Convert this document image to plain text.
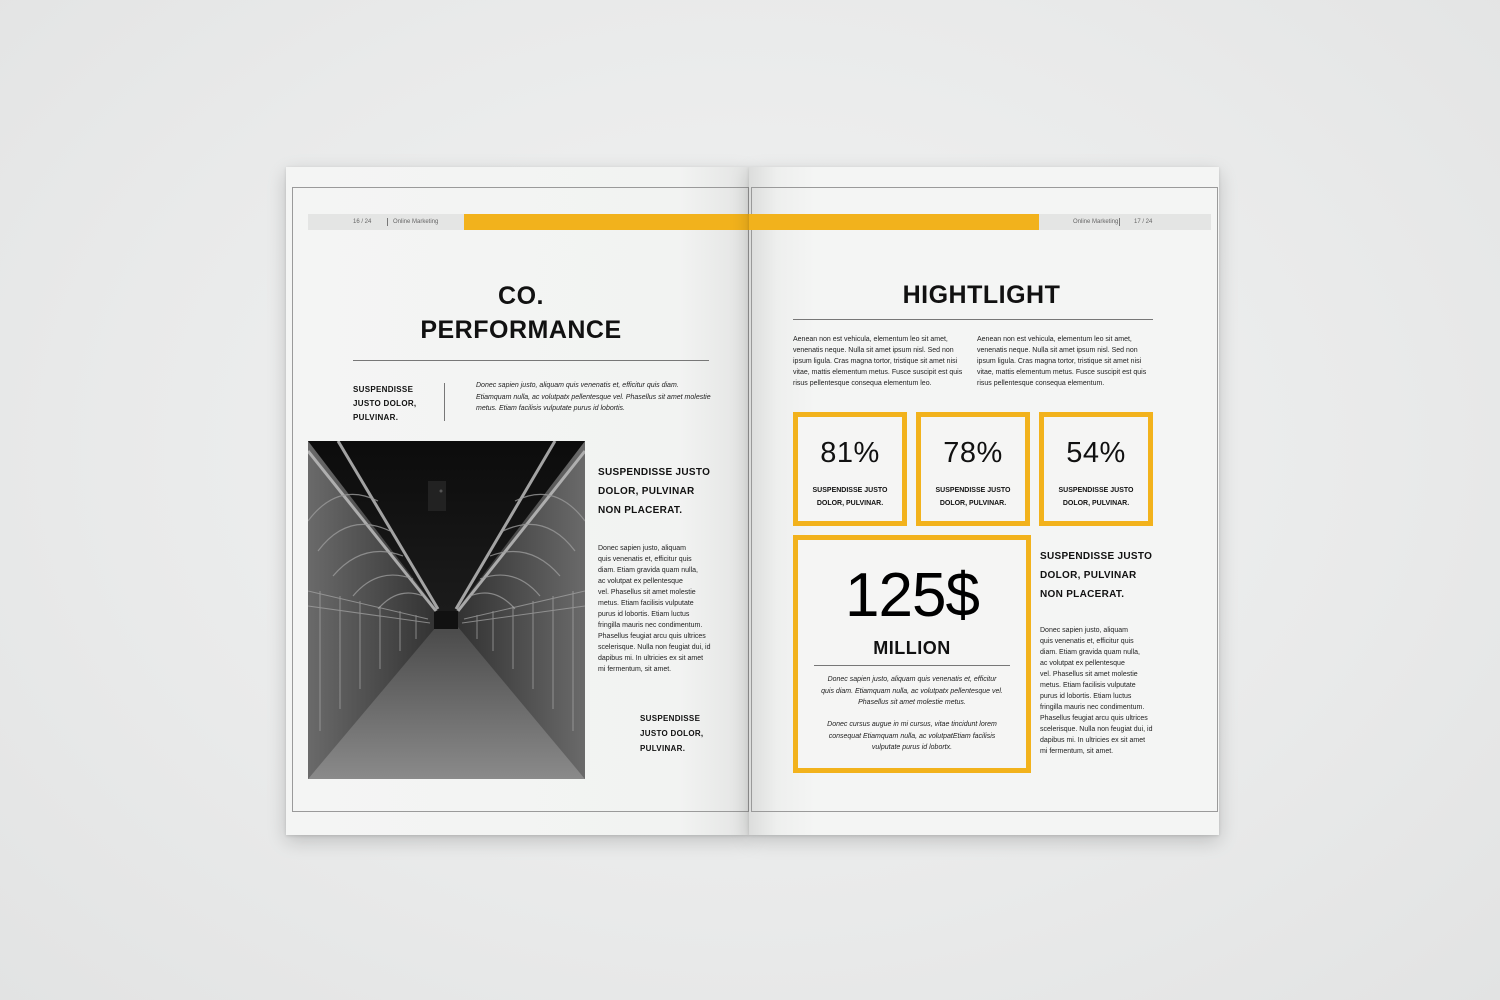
16 / 24	Online Marketing
CO.
PERFORMANCE
SUSPENDISSE
JUSTO DOLOR,
PULVINAR.
Donec sapien justo, aliquam quis venenatis et, efficitur quis diam.
Etiamquam nulla, ac volutpatx pellentesque vel. Phasellus sit amet molestie
metus. Etiam facilisis vulputate purus id lobortis.
SUSPENDISSE JUSTO
DOLOR, PULVINAR
NON PLACERAT.
Donec sapien justo, aliquam
quis venenatis et, efficitur quis
diam. Etiam gravida quam nulla,
ac volutpat ex pellentesque
vel. Phasellus sit amet molestie
metus. Etiam facilisis vulputate
purus id lobortis. Etiam luctus
fringilla mauris nec condimentum.
Phasellus feugiat arcu quis ultrices
scelerisque. Nulla non feugiat dui, id
dapibus mi. In ultricies ex sit amet
mi fermentum, sit amet.
SUSPENDISSE
JUSTO DOLOR,
PULVINAR.
Online Marketing	17 / 24
HIGHTLIGHT
Aenean non est vehicula, elementum leo sit amet,
venenatis neque. Nulla sit amet ipsum nisl. Sed non
ipsum ligula. Cras magna tortor, tristique sit amet nisi
vitae, mattis elementum metus. Fusce suscipit est quis
risus pellentesque consequa elementum leo.
Aenean non est vehicula, elementum leo sit amet,
venenatis neque. Nulla sit amet ipsum nisl. Sed non
ipsum ligula. Cras magna tortor, tristique sit amet nisi
vitae, mattis elementum metus. Fusce suscipit est quis
risus pellentesque consequa elementum.
81%
SUSPENDISSE JUSTO
DOLOR, PULVINAR.
78%
SUSPENDISSE JUSTO
DOLOR, PULVINAR.
54%
SUSPENDISSE JUSTO
DOLOR, PULVINAR.
125$
MILLION
Donec sapien justo, aliquam quis venenatis et, efficitur
quis diam. Etiamquam nulla, ac volutpatx pellentesque vel.
Phasellus sit amet molestie metus.
Donec cursus augue in mi cursus, vitae tincidunt lorem
consequat Etiamquam nulla, ac volutpatEtiam facilisis
vulputate purus id lobortx.
SUSPENDISSE JUSTO
DOLOR, PULVINAR
NON PLACERAT.
Donec sapien justo, aliquam
quis venenatis et, efficitur quis
diam. Etiam gravida quam nulla,
ac volutpat ex pellentesque
vel. Phasellus sit amet molestie
metus. Etiam facilisis vulputate
purus id lobortis. Etiam luctus
fringilla mauris nec condimentum.
Phasellus feugiat arcu quis ultrices
scelerisque. Nulla non feugiat dui, id
dapibus mi. In ultricies ex sit amet
mi fermentum, sit amet.
